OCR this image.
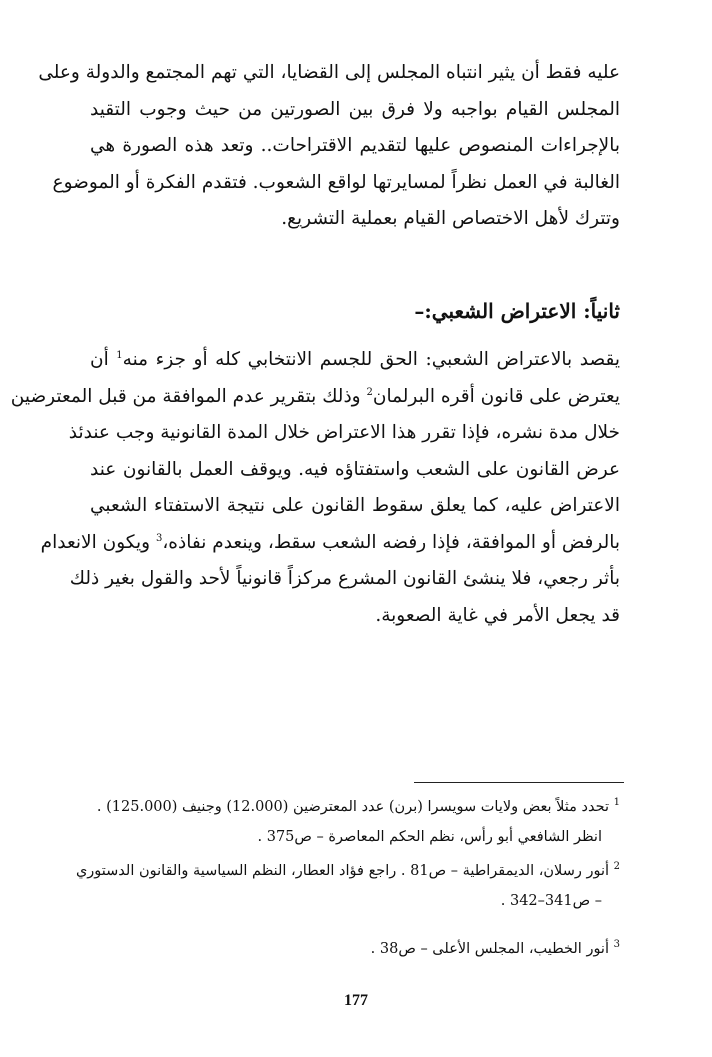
عليه فقط أن يثير انتباه المجلس إلى القضايا، التي تهم المجتمع والدولة وعلى
المجلس القيام بواجبه ولا فرق بين الصورتين من حيث وجوب التقيد
بالإجراءات المنصوص عليها لتقديم الاقتراحات.. وتعد هذه الصورة هي
الغالبة في العمل نظراً لمسايرتها لواقع الشعوب. فتقدم الفكرة أو الموضوع
وتترك لأهل الاختصاص القيام بعملية التشريع.
ثانياً: الاعتراض الشعبي:–
يقصد بالاعتراض الشعبي: الحق للجسم الانتخابي كله أو جزء منه$^1$ أن
يعترض على قانون أقره البرلمان$^2$ وذلك بتقرير عدم الموافقة من قبل المعترضين
خلال مدة نشره، فإذا تقرر هذا الاعتراض خلال المدة القانونية وجب عندئذ
عرض القانون على الشعب واستفتاؤه فيه. ويوقف العمل بالقانون عند
الاعتراض عليه، كما يعلق سقوط القانون على نتيجة الاستفتاء الشعبي
بالرفض أو الموافقة، فإذا رفضه الشعب سقط، وينعدم نفاذه،$^3$ ويكون الانعدام
بأثر رجعي، فلا ينشئ القانون المشرع مركزاً قانونياً لأحد والقول بغير ذلك
قد يجعل الأمر في غاية الصعوبة.
$^1$ تحدد مثلاً بعض ولايات سويسرا (برن) عدد المعترضين (12.000) وجنيف (125.000) .
انظر الشافعي أبو رأس، نظم الحكم المعاصرة – ص375 .
$^2$ أنور رسلان، الديمقراطية – ص81 . راجع فؤاد العطار، النظم السياسية والقانون الدستوري
– ص341–342 .
$^3$ أنور الخطيب، المجلس الأعلى – ص38 .
177
